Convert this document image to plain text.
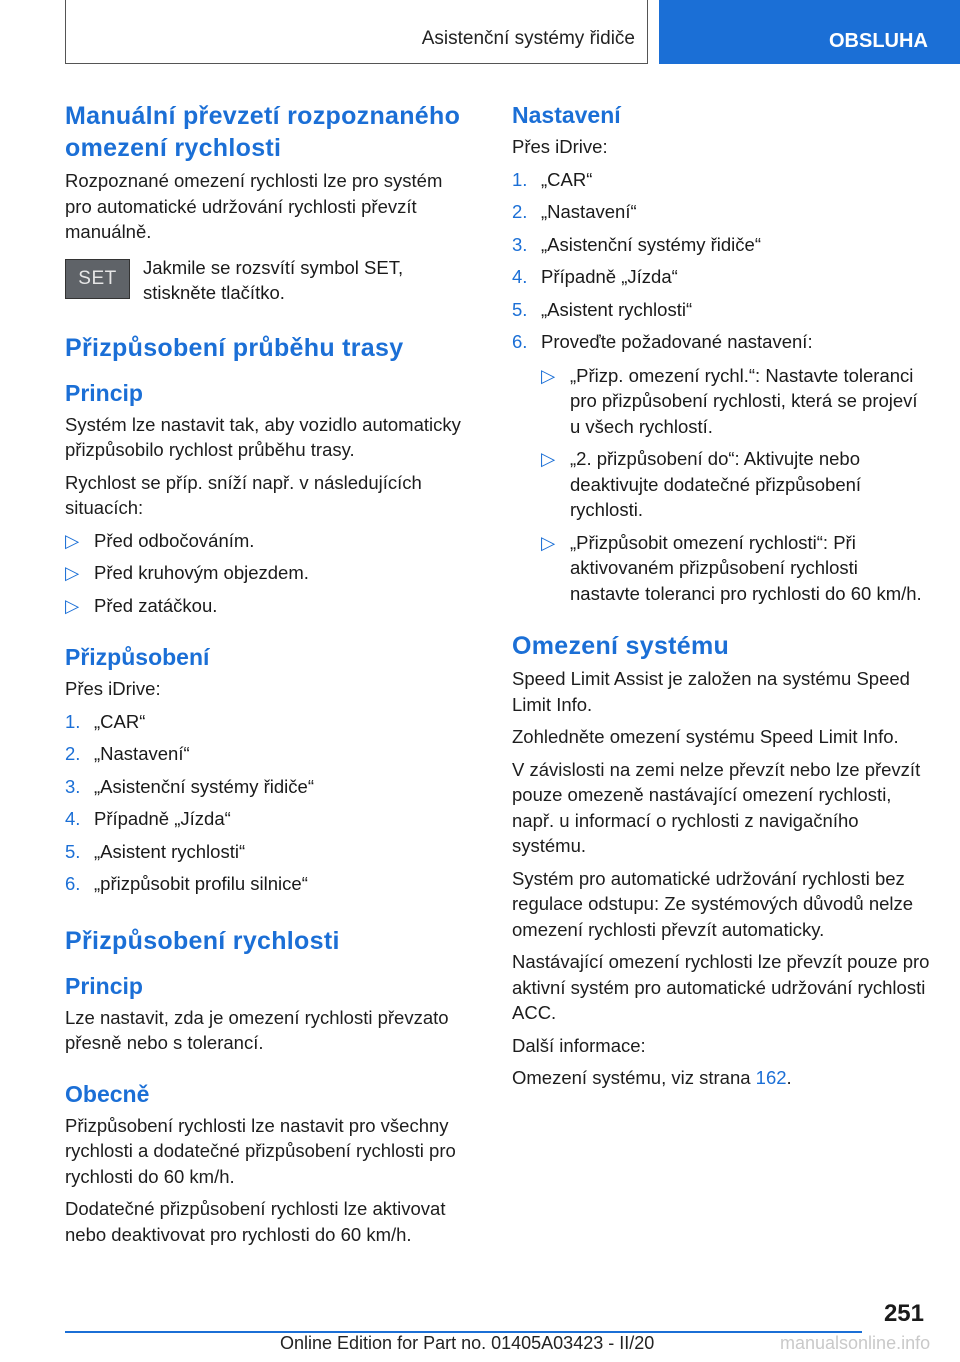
Asistenční systémy řidiče	OBSLUHA
Manuální převzetí rozpoznaného omezení rychlosti

Rozpoznané omezení rychlosti lze pro systém pro automatické udržování rychlosti převzít manuálně.

SET
Jakmile se rozsvítí symbol SET, stiskněte tlačítko.
Přizpůsobení průběhu trasy
Princip

Systém lze nastavit tak, aby vozidlo automaticky přizpůsobilo rychlost průběhu trasy.

Rychlost se příp. sníží např. v následujících situacích:

▷ Před odbočováním.
▷ Před kruhovým objezdem.
▷ Před zatáčkou.
Přizpůsobení

Přes iDrive:

1. „CAR“
2. „Nastavení“
3. „Asistenční systémy řidiče“
4. Případně „Jízda“
5. „Asistent rychlosti“
6. „přizpůsobit profilu silnice“
Přizpůsobení rychlosti
Princip

Lze nastavit, zda je omezení rychlosti převzato přesně nebo s tolerancí.

Obecně

Přizpůsobení rychlosti lze nastavit pro všechny rychlosti a dodatečné přizpůsobení rychlosti pro rychlosti do 60 km/h.

Dodatečné přizpůsobení rychlosti lze aktivovat nebo deaktivovat pro rychlosti do 60 km/h.

Nastavení

Přes iDrive:

1. „CAR“
2. „Nastavení“
3. „Asistenční systémy řidiče“
4. Případně „Jízda“
5. „Asistent rychlosti“
6. Proveďte požadované nastavení:
▷ „Přizp. omezení rychl.“: Nastavte toleranci pro přizpůsobení rychlosti, která se projeví u všech rychlostí.
▷ „2. přizpůsobení do“: Aktivujte nebo deaktivujte dodatečné přizpůsobení rychlosti.
▷ „Přizpůsobit omezení rychlosti“: Při aktivovaném přizpůsobení rychlosti nastavte toleranci pro rychlosti do 60 km/h.
Omezení systému

Speed Limit Assist je založen na systému Speed Limit Info.

Zohledněte omezení systému Speed Limit Info.

V závislosti na zemi nelze převzít nebo lze převzít pouze omezeně nastávající omezení rychlosti, např. u informací o rychlosti z navigačního systému.

Systém pro automatické udržování rychlosti bez regulace odstupu: Ze systémových důvodů nelze omezení rychlosti převzít automaticky.

Nastávající omezení rychlosti lze převzít pouze pro aktivní systém pro automatické udržování rychlosti ACC.

Další informace:

Omezení systému, viz strana 162.

251
Online Edition for Part no. 01405A03423 - II/20	manualsonline.info
